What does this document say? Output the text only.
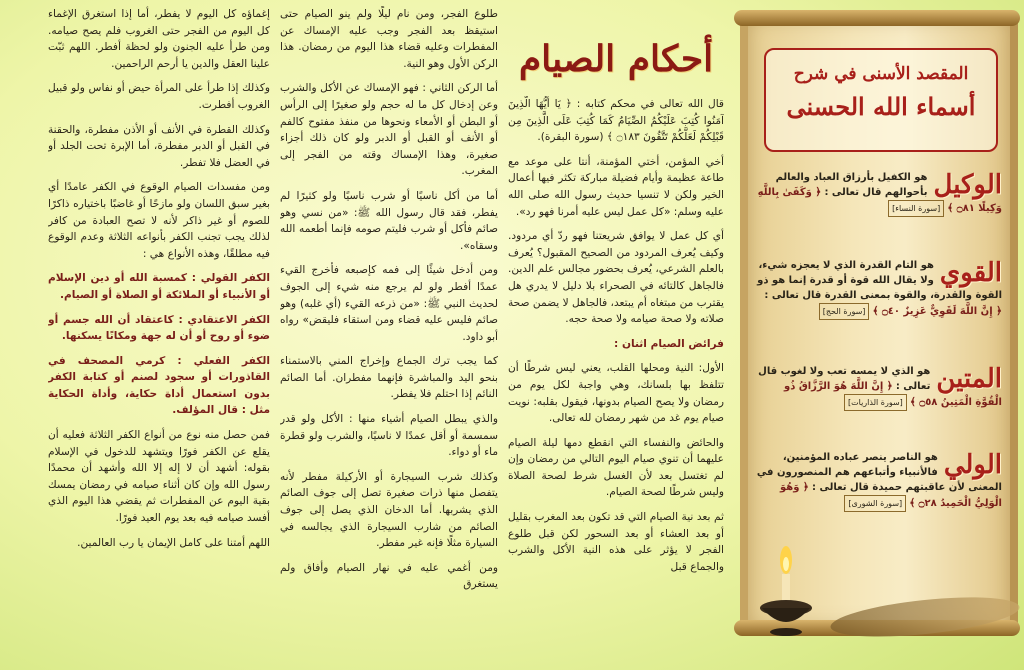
المقصد الأسنى في شرح
أسماء الله الحسنى
الوكيل
هو الكفيل بأرزاق العباد والعالم بأحوالهم قال تعالى : ﴿ وَكَفَىٰ بِاللَّهِ وَكِيلًا ۝٨١ ﴾ [سورة النساء]
القوي
هو التام القدرة الذي لا يعجزه شيء، ولا يقال الله قوة أو قدرة إنما هو ذو القوة والقدرة، والقوة بمعنى القدرة قال تعالى : ﴿ إِنَّ اللَّهَ لَقَوِيٌّ عَزِيزٌ ۝٤٠ ﴾ [سورة الحج]
المتين
هو الذي لا يمسه تعب ولا لغوب قال تعالى : ﴿ إِنَّ اللَّهَ هُوَ الرَّزَّاقُ ذُو الْقُوَّةِ الْمَتِينُ ۝٥٨ ﴾ [سورة الذاريات]
الولي
هو الناصر ينصر عباده المؤمنين، فالأنبياء وأتباعهم هم المنصورون في المعنى لأن عاقبتهم حميدة قال تعالى : ﴿ وَهُوَ الْوَلِيُّ الْحَمِيدُ ۝٢٨ ﴾ [سورة الشورى]
أحكام الصيام

قال الله تعالى في محكم كتابه : ﴿ يَا أَيُّهَا الَّذِينَ آمَنُوا كُتِبَ عَلَيْكُمُ الصِّيَامُ كَمَا كُتِبَ عَلَى الَّذِينَ مِن قَبْلِكُمْ لَعَلَّكُمْ تَتَّقُونَ ۝١٨٣ ﴾ (سورة البقرة).

أخي المؤمن، أختي المؤمنة، أنتا على موعد مع طاعة عظيمة وأيام فضيلة مباركة تكثر فيها أعمال الخير ولكن لا تنسيا حديث رسول الله صلى الله عليه وسلم: «كل عمل ليس عليه أمرنا فهو رد».

أي كل عمل لا يوافق شريعتنا فهو ردّ أي مردود. وكيف يُعرف المردود من الصحيح المقبول؟ يُعرف بالعلم الشرعي، يُعرف بحضور مجالس علم الدين. فالجاهل كالتائه في الصحراء بلا دليل لا يدري هل يقترب من مبتغاه أم يبتعد، فالجاهل لا يضمن صحة صلاته ولا صحة صيامه ولا صحة حجه.

فرائض الصيام اثنان :

الأول: النية ومحلها القلب، يعني ليس شرطًا أن تتلفظ بها بلسانك، وهي واجبة لكل يوم من رمضان ولا يصح الصيام بدونها، فيقول بقلبه: نويت صيام يوم غد من شهر رمضان لله تعالى.

والحائض والنفساء التي انقطع دمها ليلة الصيام عليهما أن تنوي صيام اليوم التالي من رمضان وإن لم تغتسل بعد لأن الغسل شرط لصحة الصلاة وليس شرطًا لصحة الصيام.

ثم بعد نية الصيام التي قد تكون بعد المغرب بقليل أو بعد العشاء أو بعد السحور لكن قبل طلوع الفجر لا يؤثر على هذه النية الأكل والشرب والجماع قبل

طلوع الفجر، ومن نام ليلًا ولم ينو الصيام حتى استيقظ بعد الفجر وجب عليه الإمساك عن المفطرات وعليه قضاء هذا اليوم من رمضان. هذا الركن الأول وهو النية.

أما الركن الثاني : فهو الإمساك عن الأكل والشرب وعن إدخال كل ما له حجم ولو صغيرًا إلى الرأس أو البطن أو الأمعاء ونحوها من منفذ مفتوح كالفم أو الأنف أو القبل أو الدبر ولو كان ذلك أجزاء صغيرة، وهذا الإمساك وقته من الفجر إلى المغرب.

أما من أكل ناسيًا أو شرب ناسيًا ولو كثيرًا لم يفطر، فقد قال رسول الله ﷺ: «من نسي وهو صائم فأكل أو شرب فليتم صومه فإنما أطعمه الله وسقاه».

ومن أدخل شيئًا إلى فمه كإصبعه فأخرج القيء عمدًا أفطر ولو لم يرجع منه شيء إلى الجوف لحديث النبي ﷺ: «من ذرعه القيء (أي غلبه) وهو صائم فليس عليه قضاء ومن استقاء فليقض» رواه أبو داود.

كما يجب ترك الجماع وإخراج المني بالاستمناء بنحو اليد والمباشرة فإنهما مفطران. أما الصائم النائم إذا احتلم فلا يفطر.

والذي يبطل الصيام أشياء منها : الأكل ولو قدر سمسمة أو أقل عمدًا لا ناسيًا، والشرب ولو قطرة ماء أو دواء.

وكذلك شرب السيجارة أو الأركيلة مفطر لأنه يتفصل منها ذرات صغيرة تصل إلى جوف الصائم الذي يشربها. أما الدخان الذي يصل إلى جوف الصائم من شارب السيجارة الذي يجالسه في السيارة مثلًا فإنه غير مفطر.

ومن أغمي عليه في نهار الصيام وأفاق ولم يستغرق

إغماؤه كل اليوم لا يفطر، أما إذا استغرق الإغماء كل اليوم من الفجر حتى الغروب فلم يصح صيامه. ومن طرأ عليه الجنون ولو لحظة أفطر. اللهم ثبّت علينا العقل والدين يا أرحم الراحمين.

وكذلك إذا طرأ على المرأة حيض أو نفاس ولو قبيل الغروب أفطرت.

وكذلك القطرة في الأنف أو الأذن مفطرة، والحقنة في القبل أو الدبر مفطرة، أما الإبرة تحت الجلد أو في العضل فلا تفطر.

ومن مفسدات الصيام الوقوع في الكفر عامدًا أي بغير سبق اللسان ولو مازحًا أو غاضبًا باختياره ذاكرًا للصوم أو غير ذاكر لأنه لا تصح العبادة من كافر لذلك يجب تجنب الكفر بأنواعه الثلاثة وعدم الوقوع فيه مطلقًا، وهذه الأنواع هي :

الكفر القولي : كمسبة الله أو دين الإسلام أو الأنبياء أو الملائكة أو الصلاة أو الصيام.

الكفر الاعتقادي : كاعتقاد أن الله جسم أو ضوء أو روح أو أن له جهة ومكانًا يسكنها.

الكفر الفعلي : كرمي المصحف في القاذورات أو سجود لصنم أو كتابة الكفر بدون استعمال أداة حكاية، وأداة الحكاية مثل : قال المؤلف.

فمن حصل منه نوع من أنواع الكفر الثلاثة فعليه أن يقلع عن الكفر فورًا ويتشهد للدخول في الإسلام بقوله: أشهد أن لا إله إلا الله وأشهد أن محمدًا رسول الله وإن كان أثناء صيامه في رمضان يمسك بقية اليوم عن المفطرات ثم يقضي هذا اليوم الذي أفسد صيامه فيه بعد يوم العيد فورًا.

اللهم أمتنا على كامل الإيمان يا رب العالمين.
